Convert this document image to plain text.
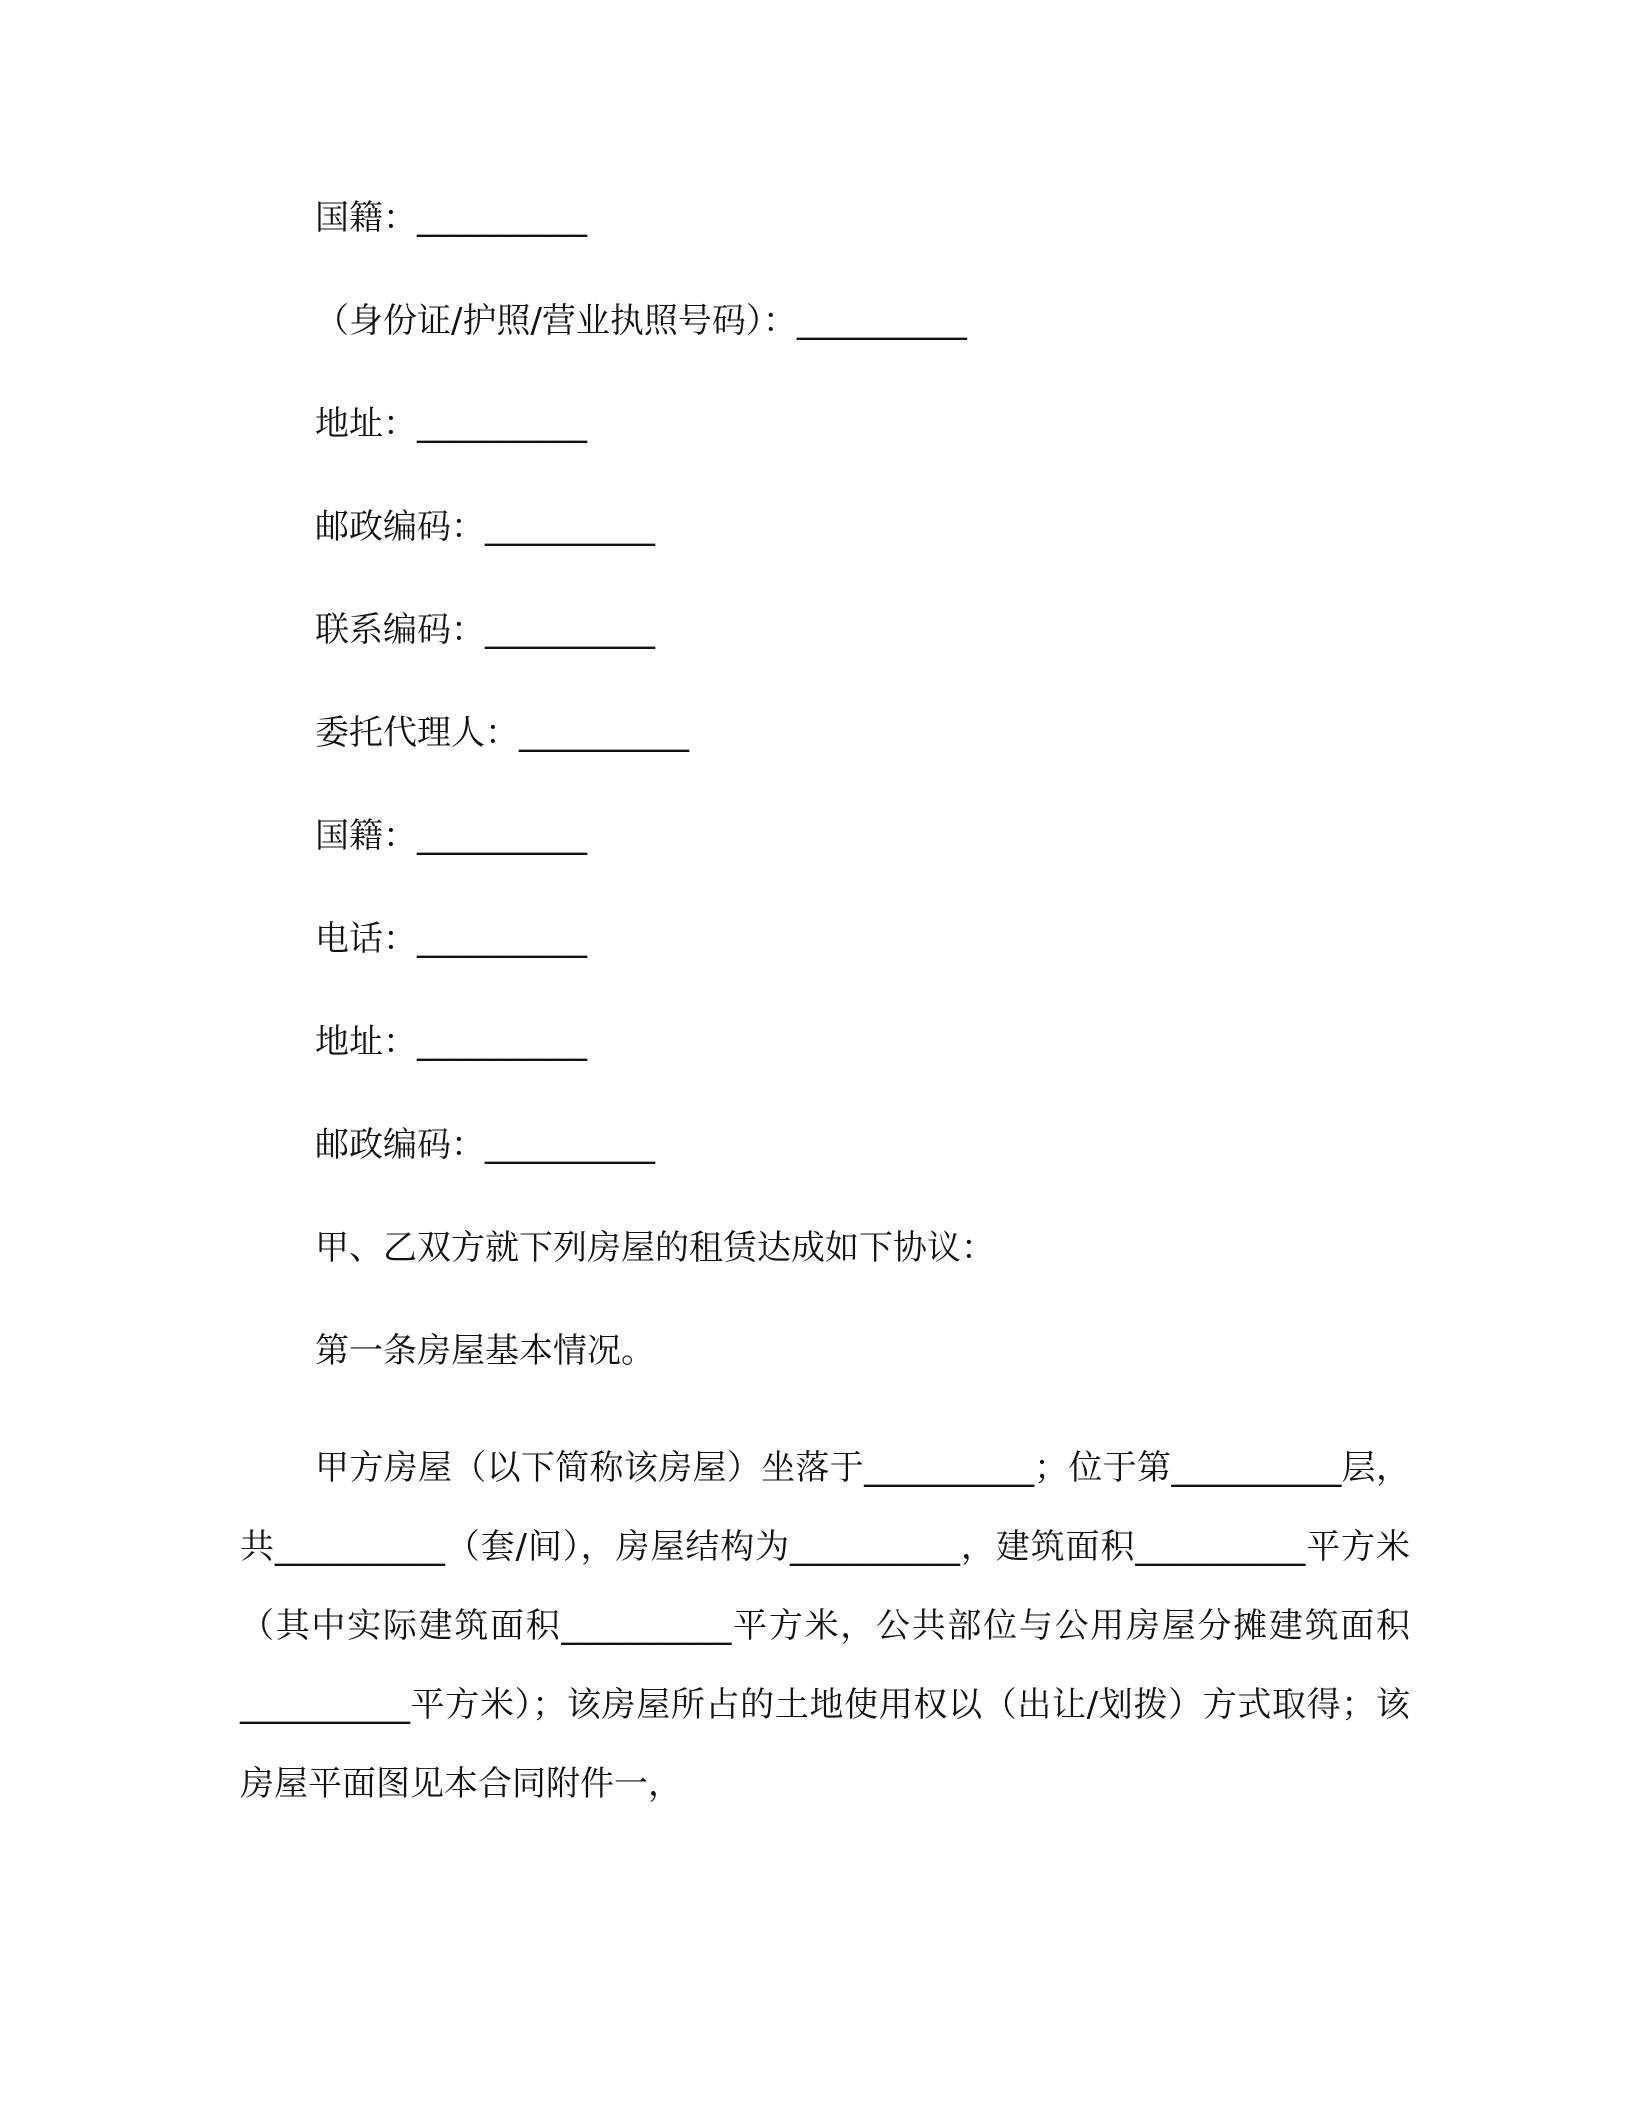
国籍：__________
（身份证/护照/营业执照号码）：__________
地址：__________
邮政编码：__________
联系编码：__________
委托代理人：__________
国籍：__________
电话：__________
地址：__________
邮政编码：__________
甲、乙双方就下列房屋的租赁达成如下协议：
第一条房屋基本情况。

甲方房屋（以下简称该房屋）坐落于__________；位于第__________层，共__________（套/间），房屋结构为__________，建筑面积__________平方米（其中实际建筑面积__________平方米，公共部位与公用房屋分摊建筑面积__________平方米）；该房屋所占的土地使用权以（出让/划拨）方式取得；该房屋平面图见本合同附件一，
